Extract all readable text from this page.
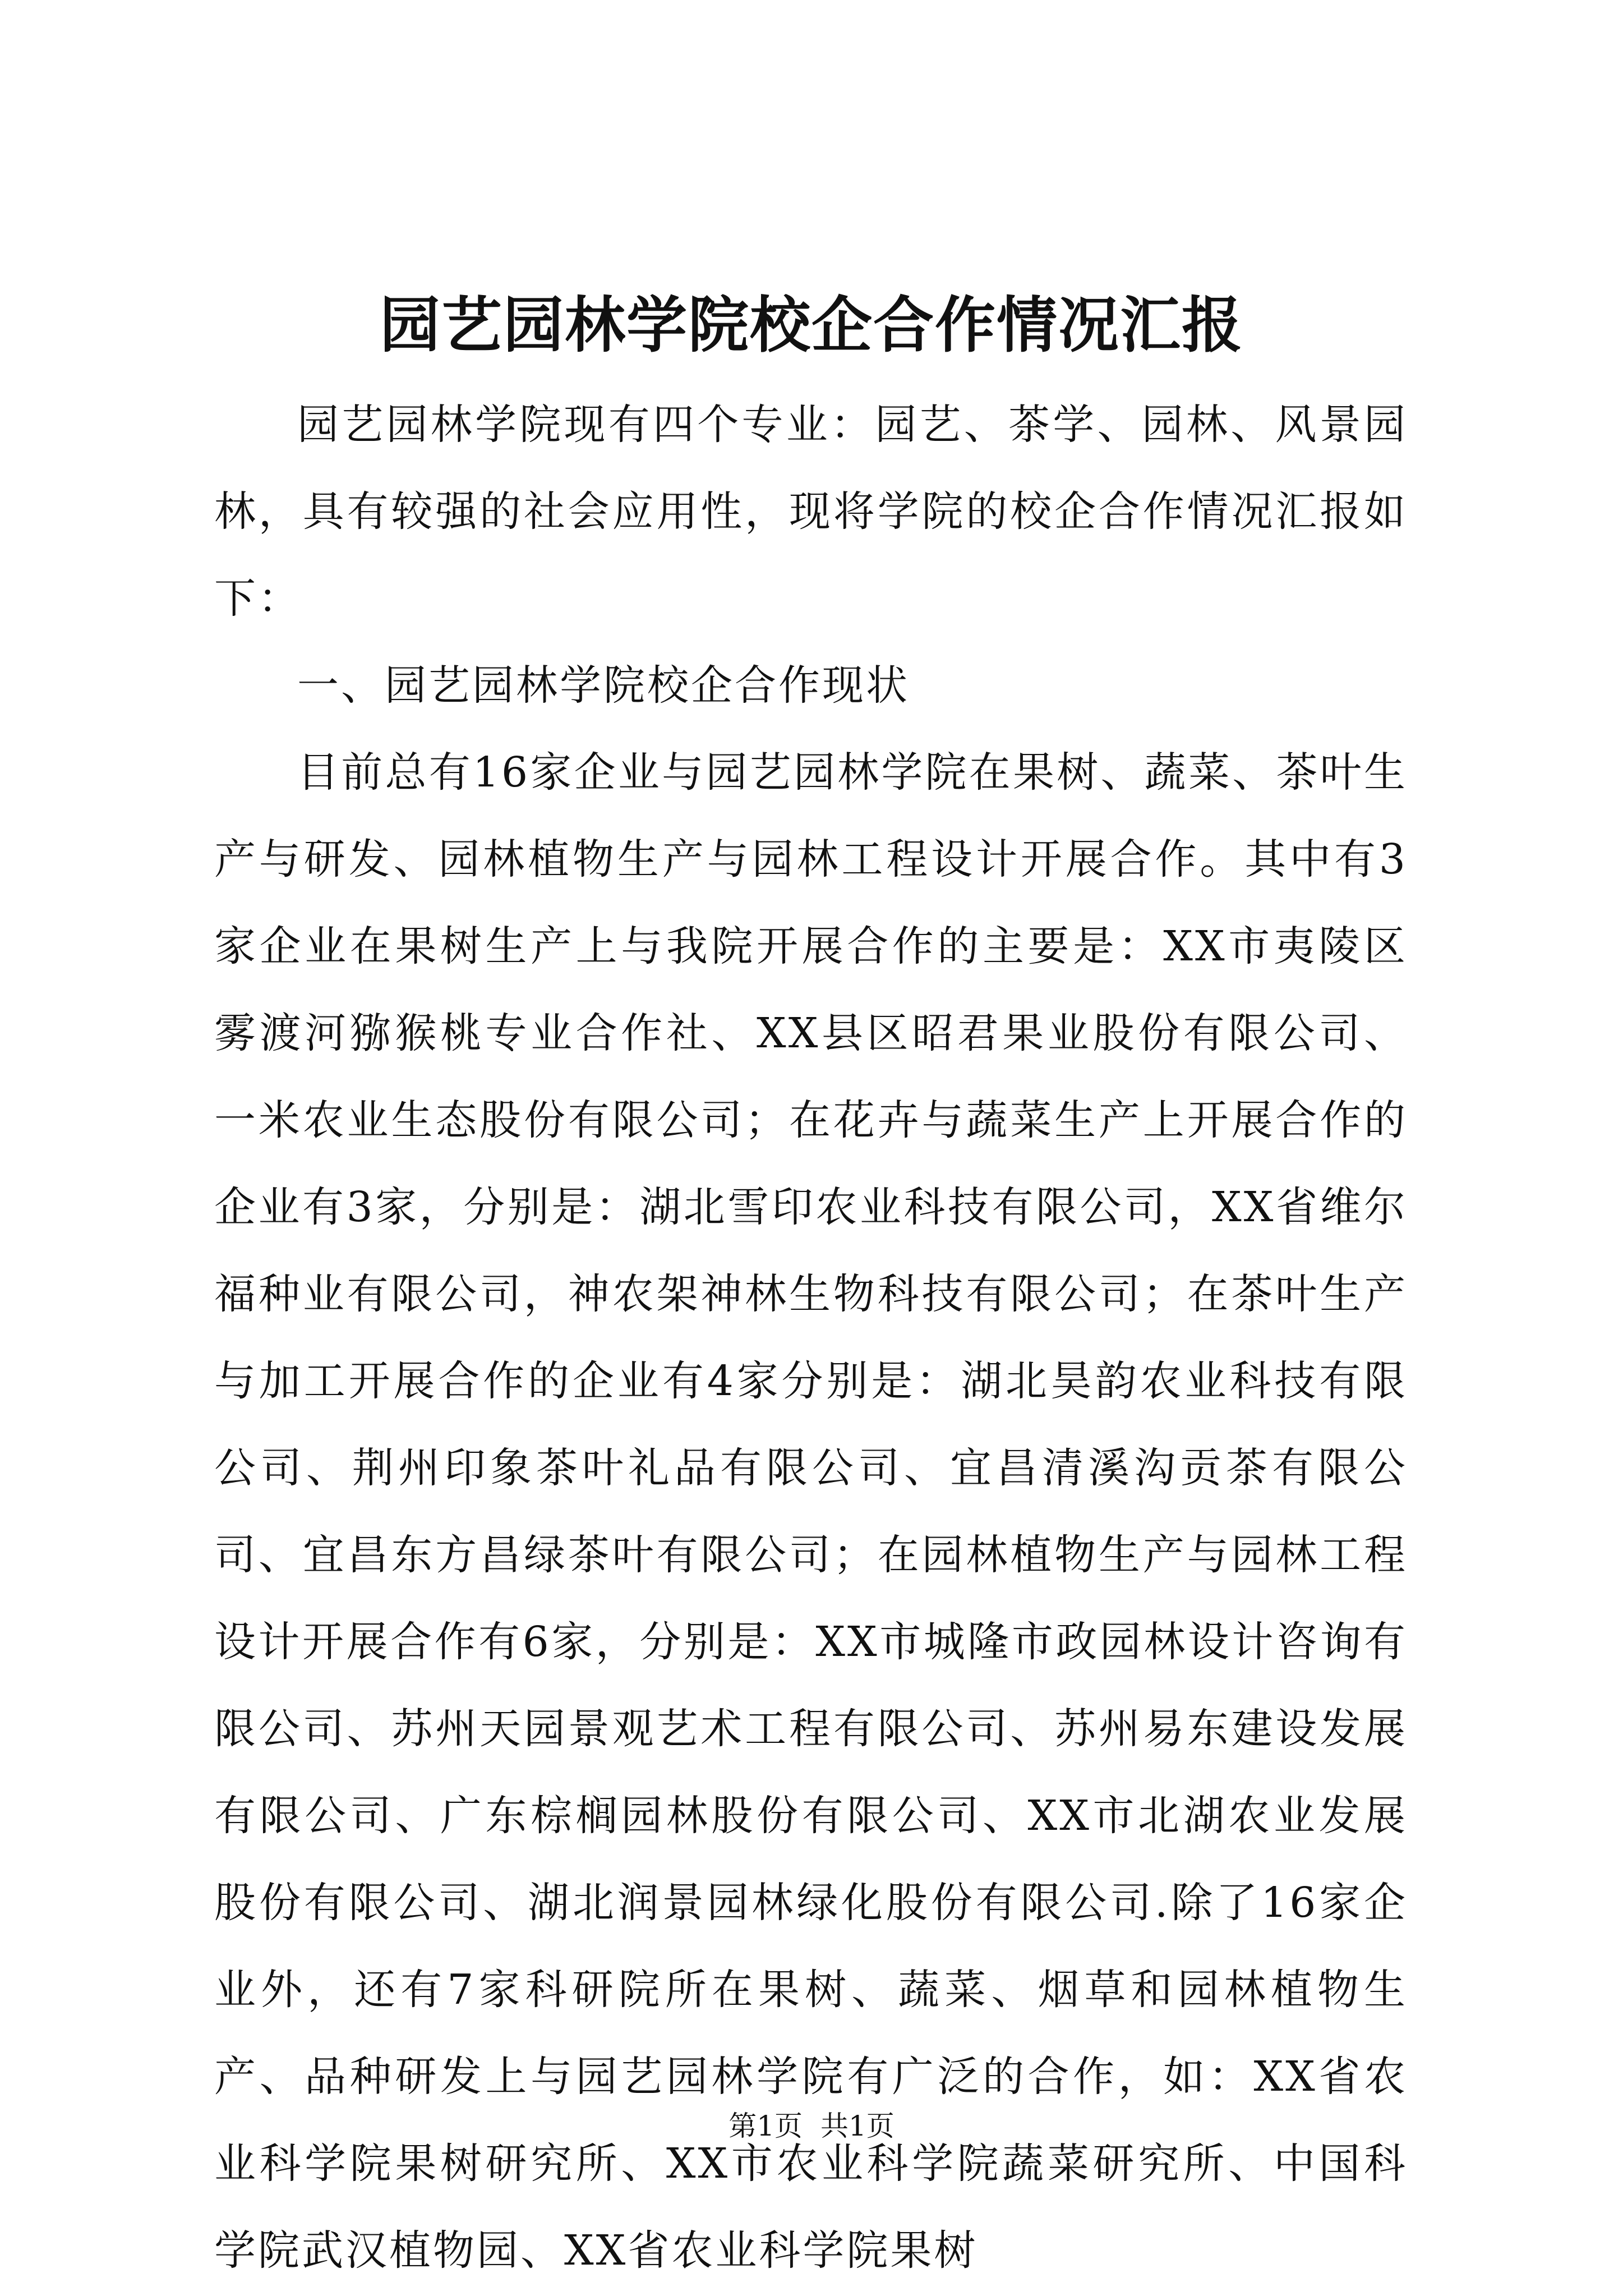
园艺园林学院校企合作情况汇报

园艺园林学院现有四个专业：园艺、茶学、园林、风景园林，具有较强的社会应用性，现将学院的校企合作情况汇报如下：

一、园艺园林学院校企合作现状

目前总有16家企业与园艺园林学院在果树、蔬菜、茶叶生产与研发、园林植物生产与园林工程设计开展合作。其中有3家企业在果树生产上与我院开展合作的主要是：XX市夷陵区雾渡河猕猴桃专业合作社、XX县区昭君果业股份有限公司、一米农业生态股份有限公司；在花卉与蔬菜生产上开展合作的企业有3家，分别是：湖北雪印农业科技有限公司，XX省维尔福种业有限公司，神农架神林生物科技有限公司；在茶叶生产与加工开展合作的企业有4家分别是：湖北昊韵农业科技有限公司、荆州印象茶叶礼品有限公司、宜昌清溪沟贡茶有限公司、宜昌东方昌绿茶叶有限公司；在园林植物生产与园林工程设计开展合作有6家，分别是：XX市城隆市政园林设计咨询有限公司、苏州天园景观艺术工程有限公司、苏州易东建设发展有限公司、广东棕榈园林股份有限公司、XX市北湖农业发展股份有限公司、湖北润景园林绿化股份有限公司.除了16家企业外，还有7家科研院所在果树、蔬菜、烟草和园林植物生产、品种研发上与园艺园林学院有广泛的合作，如：XX省农业科学院果树研究所、XX市农业科学院蔬菜研究所、中国科学院武汉植物园、XX省农业科学院果树

第1页 共1页
